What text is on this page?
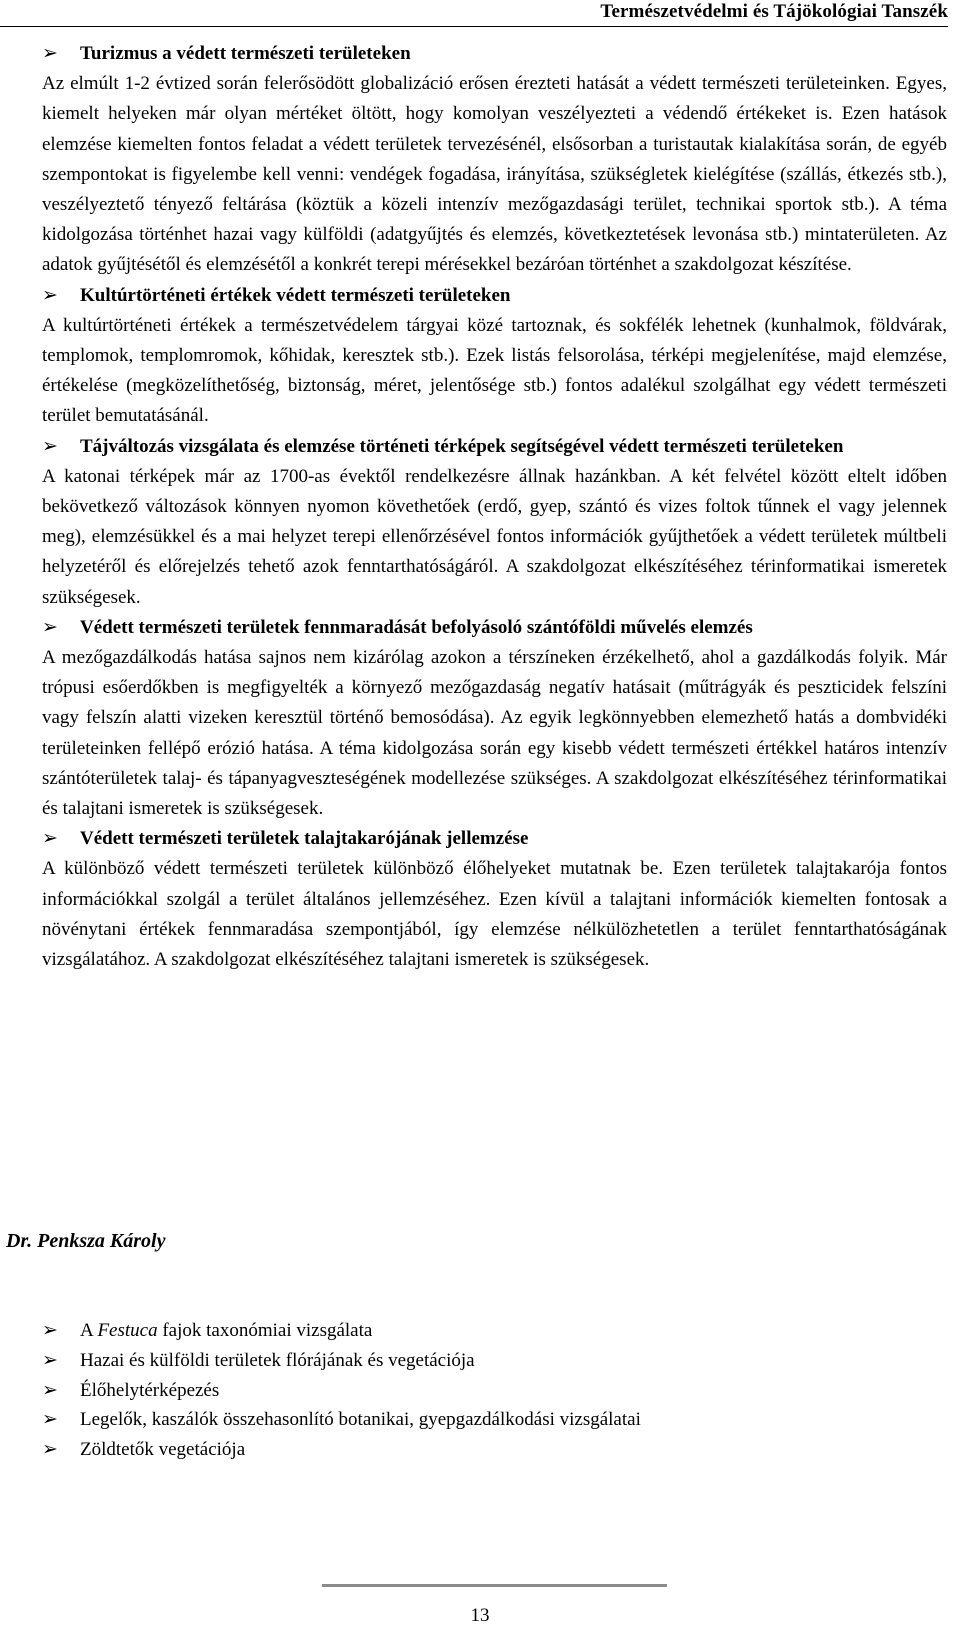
Természetvédelmi és Tájökológiai Tanszék
➢ Turizmus a védett természeti területeken

Az elmúlt 1-2 évtized során felerősödött globalizáció erősen érezteti hatását a védett természeti területeinken. Egyes, kiemelt helyeken már olyan mértéket öltött, hogy komolyan veszélyezteti a védendő értékeket is. Ezen hatások elemzése kiemelten fontos feladat a védett területek tervezésénél, elsősorban a turistautak kialakítása során, de egyéb szempontokat is figyelembe kell venni: vendégek fogadása, irányítása, szükségletek kielégítése (szállás, étkezés stb.), veszélyeztető tényező feltárása (köztük a közeli intenzív mezőgazdasági terület, technikai sportok stb.). A téma kidolgozása történhet hazai vagy külföldi (adatgyűjtés és elemzés, következtetések levonása stb.) mintaterületen. Az adatok gyűjtésétől és elemzésétől a konkrét terepi mérésekkel bezáróan történhet a szakdolgozat készítése.

➢ Kultúrtörténeti értékek védett természeti területeken

A kultúrtörténeti értékek a természetvédelem tárgyai közé tartoznak, és sokfélék lehetnek (kunhalmok, földvárak, templomok, templomromok, kőhidak, keresztek stb.). Ezek listás felsorolása, térképi megjelenítése, majd elemzése, értékelése (megközelíthetőség, biztonság, méret, jelentősége stb.) fontos adalékul szolgálhat egy védett természeti terület bemutatásánál.

➢ Tájváltozás vizsgálata és elemzése történeti térképek segítségével védett természeti területeken

A katonai térképek már az 1700-as évektől rendelkezésre állnak hazánkban. A két felvétel között eltelt időben bekövetkező változások könnyen nyomon követhetőek (erdő, gyep, szántó és vizes foltok tűnnek el vagy jelennek meg), elemzésükkel és a mai helyzet terepi ellenőrzésével fontos információk gyűjthetőek a védett területek múltbeli helyzetéről és előrejelzés tehető azok fenntarthatóságáról. A szakdolgozat elkészítéséhez térinformatikai ismeretek szükségesek.

➢ Védett természeti területek fennmaradását befolyásoló szántóföldi művelés elemzés

A mezőgazdálkodás hatása sajnos nem kizárólag azokon a térszíneken érzékelhető, ahol a gazdálkodás folyik. Már trópusi esőerdőkben is megfigyelték a környező mezőgazdaság negatív hatásait (műtrágyák és peszticidek felszíni vagy felszín alatti vizeken keresztül történő bemosódása). Az egyik legkönnyebben elemezhető hatás a dombvidéki területeinken fellépő erózió hatása. A téma kidolgozása során egy kisebb védett természeti értékkel határos intenzív szántóterületek talaj- és tápanyagveszteségének modellezése szükséges. A szakdolgozat elkészítéséhez térinformatikai és talajtani ismeretek is szükségesek.

➢ Védett természeti területek talajtakarójának jellemzése

A különböző védett természeti területek különböző élőhelyeket mutatnak be. Ezen területek talajtakarója fontos információkkal szolgál a terület általános jellemzéséhez. Ezen kívül a talajtani információk kiemelten fontosak a növénytani értékek fennmaradása szempontjából, így elemzése nélkülözhetetlen a terület fenntarthatóságának vizsgálatához. A szakdolgozat elkészítéséhez talajtani ismeretek is szükségesek.

Dr. Penksza Károly
➢ A Festuca fajok taxonómiai vizsgálata
➢ Hazai és külföldi területek flórájának és vegetációja
➢ Élőhelytérképezés
➢ Legelők, kaszálók összehasonlító botanikai, gyepgazdálkodási vizsgálatai
➢ Zöldtetők vegetációja
13
